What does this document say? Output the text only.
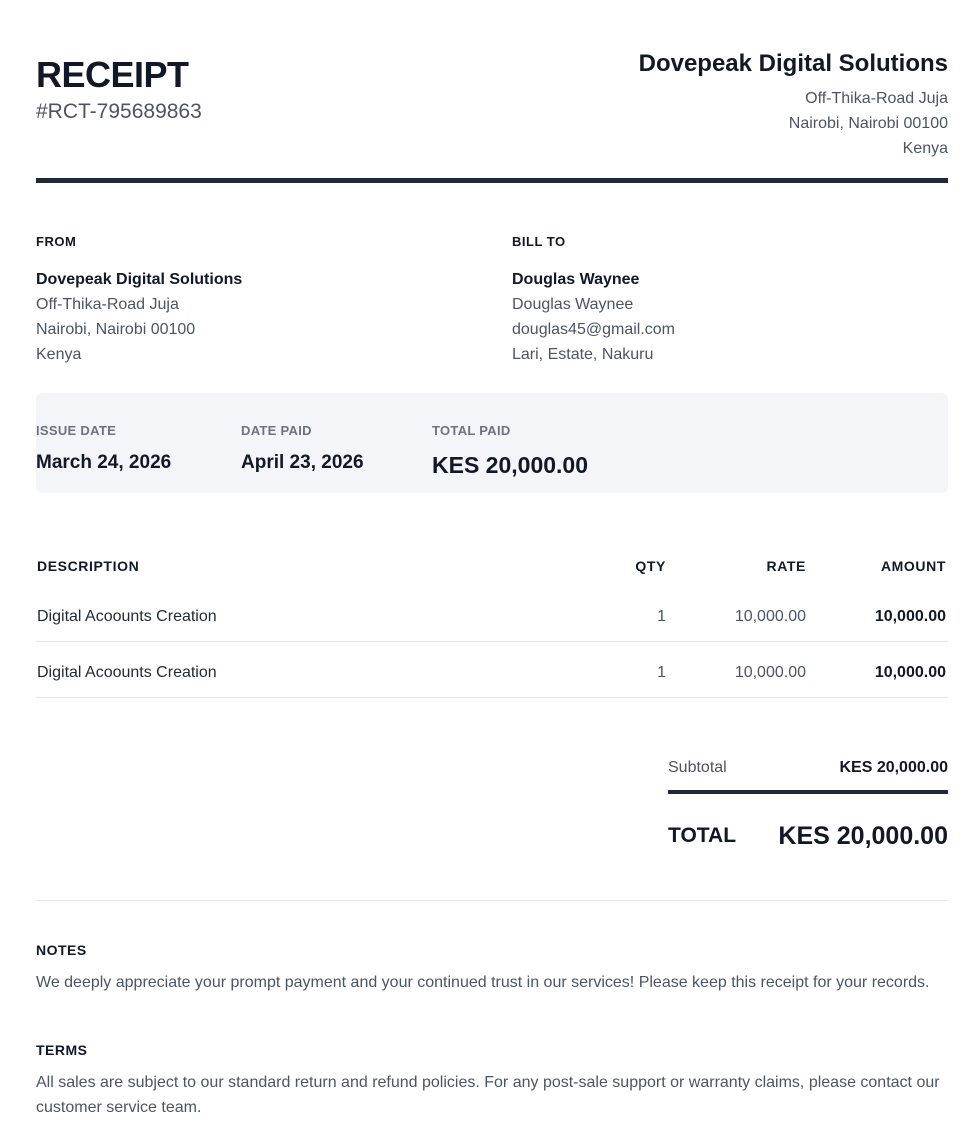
RECEIPT
#RCT-795689863
Dovepeak Digital Solutions
Off-Thika-Road Juja
Nairobi, Nairobi 00100
Kenya
FROM
Dovepeak Digital Solutions
Off-Thika-Road Juja
Nairobi, Nairobi 00100
Kenya
BILL TO
Douglas Waynee
Douglas Waynee
douglas45@gmail.com
Lari, Estate, Nakuru
ISSUE DATE
March 24, 2026
DATE PAID
April 23, 2026
TOTAL PAID
KES 20,000.00
DESCRIPTION	QTY	RATE	AMOUNT
Digital Acoounts Creation	1	10,000.00	10,000.00
Digital Acoounts Creation	1	10,000.00	10,000.00
Subtotal	KES 20,000.00
TOTAL KES 20,000.00
NOTES
We deeply appreciate your prompt payment and your continued trust in our services! Please keep this receipt for your records.
TERMS
All sales are subject to our standard return and refund policies. For any post-sale support or warranty claims, please contact our customer service team.
